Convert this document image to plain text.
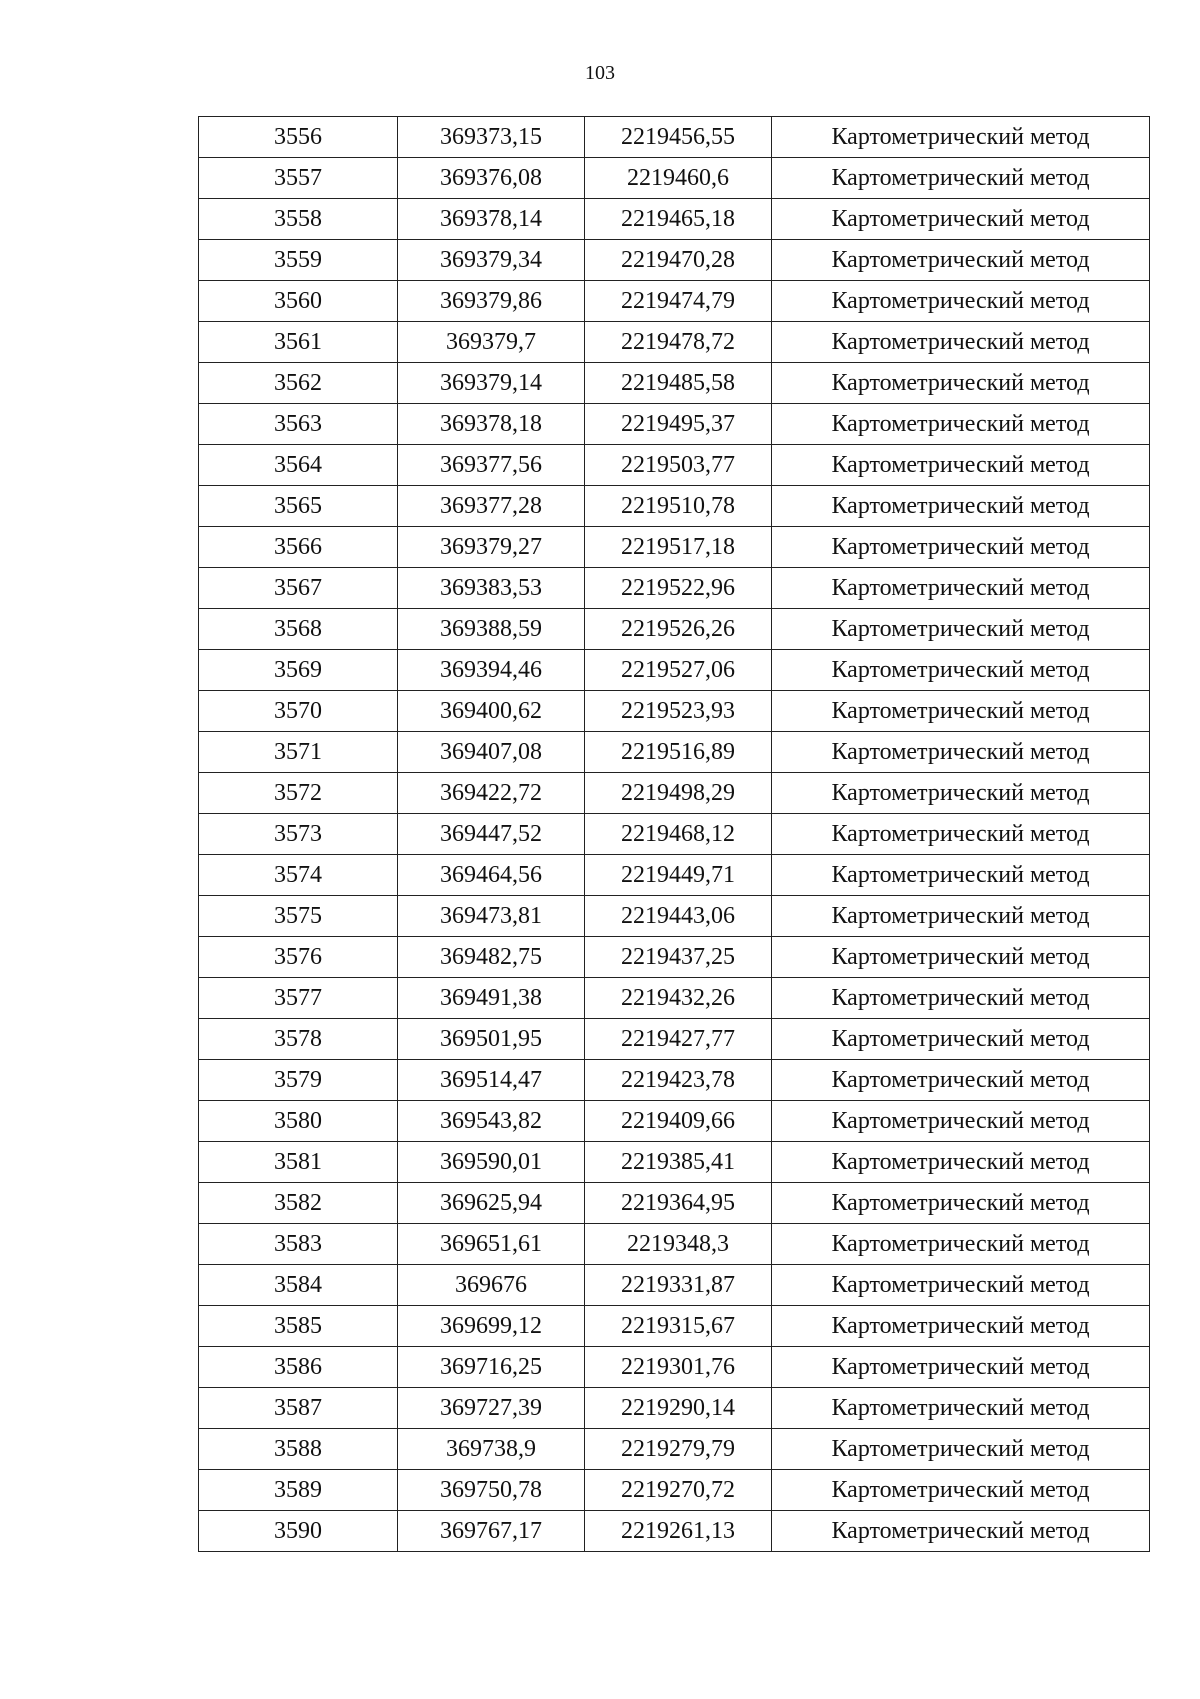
103
3556	369373,15	2219456,55	Картометрический метод
3557	369376,08	2219460,6	Картометрический метод
3558	369378,14	2219465,18	Картометрический метод
3559	369379,34	2219470,28	Картометрический метод
3560	369379,86	2219474,79	Картометрический метод
3561	369379,7	2219478,72	Картометрический метод
3562	369379,14	2219485,58	Картометрический метод
3563	369378,18	2219495,37	Картометрический метод
3564	369377,56	2219503,77	Картометрический метод
3565	369377,28	2219510,78	Картометрический метод
3566	369379,27	2219517,18	Картометрический метод
3567	369383,53	2219522,96	Картометрический метод
3568	369388,59	2219526,26	Картометрический метод
3569	369394,46	2219527,06	Картометрический метод
3570	369400,62	2219523,93	Картометрический метод
3571	369407,08	2219516,89	Картометрический метод
3572	369422,72	2219498,29	Картометрический метод
3573	369447,52	2219468,12	Картометрический метод
3574	369464,56	2219449,71	Картометрический метод
3575	369473,81	2219443,06	Картометрический метод
3576	369482,75	2219437,25	Картометрический метод
3577	369491,38	2219432,26	Картометрический метод
3578	369501,95	2219427,77	Картометрический метод
3579	369514,47	2219423,78	Картометрический метод
3580	369543,82	2219409,66	Картометрический метод
3581	369590,01	2219385,41	Картометрический метод
3582	369625,94	2219364,95	Картометрический метод
3583	369651,61	2219348,3	Картометрический метод
3584	369676	2219331,87	Картометрический метод
3585	369699,12	2219315,67	Картометрический метод
3586	369716,25	2219301,76	Картометрический метод
3587	369727,39	2219290,14	Картометрический метод
3588	369738,9	2219279,79	Картометрический метод
3589	369750,78	2219270,72	Картометрический метод
3590	369767,17	2219261,13	Картометрический метод
